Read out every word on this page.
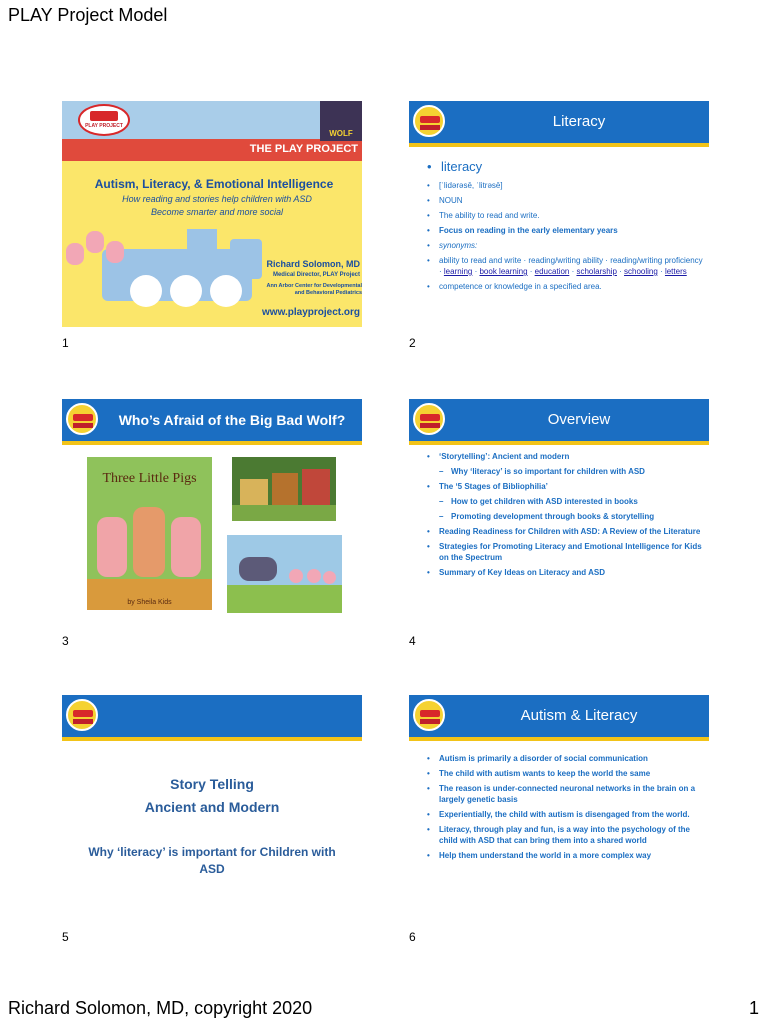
PLAY Project Model
THE PLAY PROJECT
PLAY PROJECT
WOLF
Autism, Literacy, & Emotional Intelligence
How reading and stories help children with ASD
Become smarter and more social
Richard Solomon, MD
Medical Director, PLAY Project
Ann Arbor Center for Developmental
and Behavioral Pediatrics
www.playproject.org
1
Literacy
• literacy
• [ˈlidərəsē, ˈlitrəsē]
• NOUN
• The ability to read and write.
• Focus on reading in the early elementary years
• synonyms:
• ability to read and write · reading/writing ability · reading/writing proficiency · learning · book learning · education · scholarship · schooling · letters
• competence or knowledge in a specified area.
2
Who’s Afraid of the Big Bad Wolf?
Three Little Pigs
by Sheila Kids
3
Overview
• ‘Storytelling’: Ancient and modern
– Why ‘literacy’ is so important for children with ASD
• The ‘5 Stages of Bibliophilia’
– How to get children with ASD interested in books
– Promoting development through books & storytelling
• Reading Readiness for Children with ASD: A Review of the Literature
• Strategies for Promoting Literacy and Emotional Intelligence for Kids on the Spectrum
• Summary of Key Ideas on Literacy and ASD
4
Story Telling
Ancient and Modern
Why ‘literacy’ is important for Children with ASD
5
Autism & Literacy
• Autism is primarily a disorder of social communication
• The child with autism wants to keep the world the same
• The reason is under-connected neuronal networks in the brain on a largely genetic basis
• Experientially, the child with autism is disengaged from the world.
• Literacy, through play and fun, is a way into the psychology of the child with ASD that can bring them into a shared world
• Help them understand the world in a more complex way
6
Richard Solomon, MD, copyright 2020	1
